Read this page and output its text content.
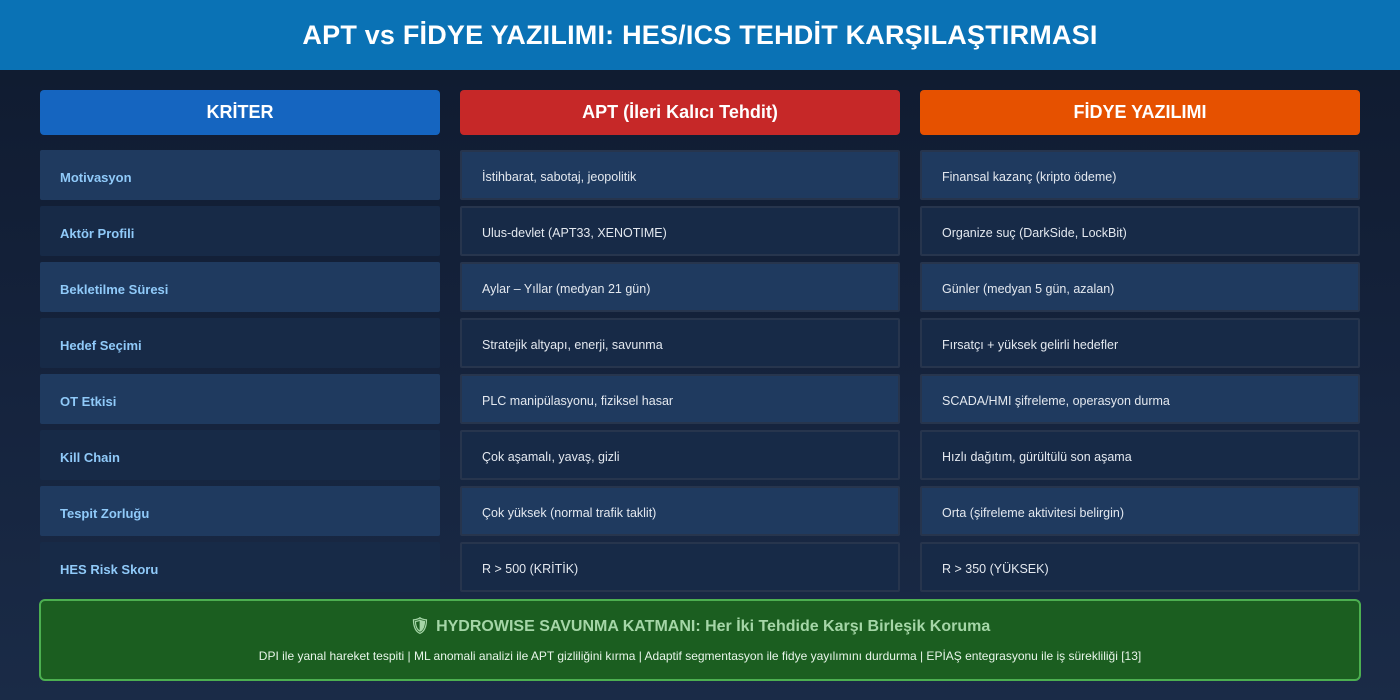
APT vs FİDYE YAZILIMI: HES/ICS TEHDİT KARŞILAŞTIRMASI
KRİTER
Motivasyon
Aktör Profili
Bekletilme Süresi
Hedef Seçimi
OT Etkisi
Kill Chain
Tespit Zorluğu
HES Risk Skoru
APT (İleri Kalıcı Tehdit)
İstihbarat, sabotaj, jeopolitik
Ulus-devlet (APT33, XENOTIME)
Aylar – Yıllar (medyan 21 gün)
Stratejik altyapı, enerji, savunma
PLC manipülasyonu, fiziksel hasar
Çok aşamalı, yavaş, gizli
Çok yüksek (normal trafik taklit)
R > 500 (KRİTİK)
FİDYE YAZILIMI
Finansal kazanç (kripto ödeme)
Organize suç (DarkSide, LockBit)
Günler (medyan 5 gün, azalan)
Fırsatçı + yüksek gelirli hedefler
SCADA/HMI şifreleme, operasyon durma
Hızlı dağıtım, gürültülü son aşama
Orta (şifreleme aktivitesi belirgin)
R > 350 (YÜKSEK)
🛡 HYDROWISE SAVUNMA KATMANI: Her İki Tehdide Karşı Birleşik Koruma
DPI ile yanal hareket tespiti | ML anomali analizi ile APT gizliliğini kırma | Adaptif segmentasyon ile fidye yayılımını durdurma | EPİAŞ entegrasyonu ile iş sürekliliği [13]
